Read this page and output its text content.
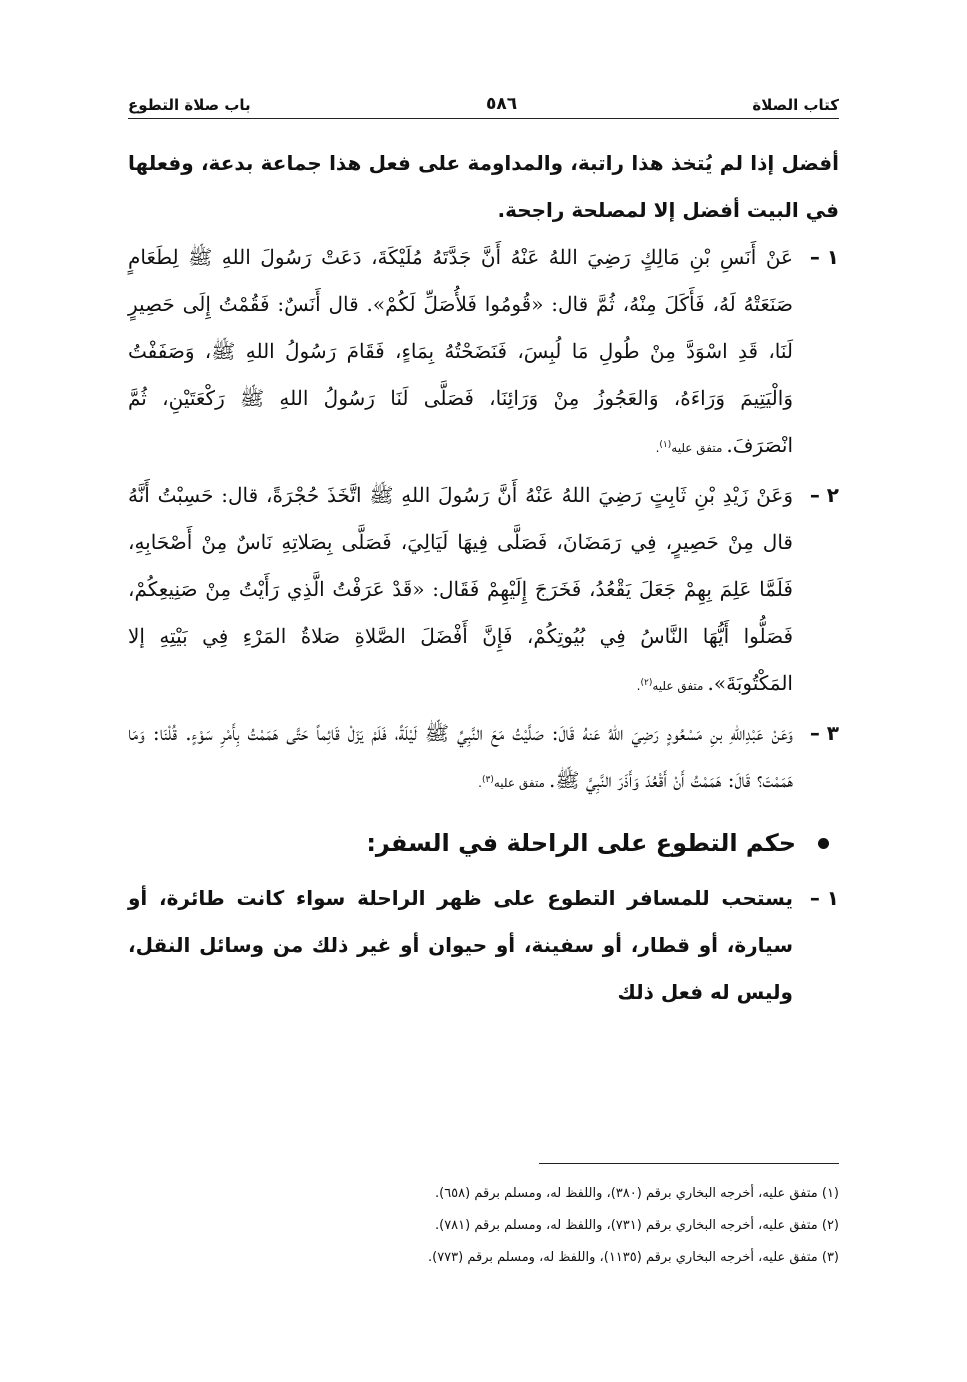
كتاب الصلاة
٥٨٦
باب صلاة التطوع

أفضل إذا لم يُتخذ هذا راتبة، والمداومة على فعل هذا جماعة بدعة، وفعلها في البيت أفضل إلا لمصلحة راجحة.

١ –
عَنْ أَنَسِ بْنِ مَالِكٍ رَضِيَ اللهُ عَنْهُ أَنَّ جَدَّتَهُ مُلَيْكَةَ، دَعَتْ رَسُولَ اللهِ ﷺ لِطَعَامٍ صَنَعَتْهُ لَهُ، فَأَكَلَ مِنْهُ، ثُمَّ قال: «قُومُوا فَلأُصَلِّ لَكُمْ». قال أَنَسٌ: فَقُمْتُ إِلَى حَصِيرٍ لَنَا، قَدِ اسْوَدَّ مِنْ طُولِ مَا لُبِسَ، فَنَضَحْتُهُ بِمَاءٍ، فَقَامَ رَسُولُ اللهِ ﷺ، وَصَفَفْتُ وَالْيَتِيمَ وَرَاءَهُ، وَالعَجُوزُ مِنْ وَرَائِنَا، فَصَلَّى لَنَا رَسُولُ اللهِ ﷺ رَكْعَتَيْنِ، ثُمَّ انْصَرَفَ.متفق عليه$^{(١)}$.
٢ –
وَعَنْ زَيْدِ بْنِ ثَابِتٍ رَضِيَ اللهُ عَنْهُ أَنَّ رَسُولَ اللهِ ﷺ اتَّخَذَ حُجْرَةً، قال: حَسِبْتُ أَنَّهُ قال مِنْ حَصِيرٍ، فِي رَمَضَانَ، فَصَلَّى فِيهَا لَيَالِيَ، فَصَلَّى بِصَلاتِهِ نَاسٌ مِنْ أَصْحَابِهِ، فَلَمَّا عَلِمَ بِهِمْ جَعَلَ يَقْعُدُ، فَخَرَجَ إِلَيْهِمْ فَقَال: «قَدْ عَرَفْتُ الَّذِي رَأَيْتُ مِنْ صَنِيعِكُمْ، فَصَلُّوا أَيُّهَا النَّاسُ فِي بُيُوتِكُمْ، فَإِنَّ أَفْضَلَ الصَّلاةِ صَلاةُ المَرْءِ فِي بَيْتِهِ إلا المَكْتُوبَةَ».متفق عليه$^{(٢)}$.
٣ –
وَعَنْ عَبْدِاللهِ بنِ مَسْعُودٍ رَضِيَ اللهُ عَنهُ قَالَ: صَلَّيْتُ مَعَ النَّبِيِّ ﷺ لَيْلَةً، فَلَمْ يَزَلْ قَائِماً حَتَّى هَمَمْتُ بِأَمْرِ سَوْءٍ. قُلْنَا: وَمَا هَمَمْتَ؟ قَالَ: هَمَمْتُ أَنْ أَقْعُدَ وَأَذَرَ النَّبِيَّ ﷺ.متفق عليه$^{(٣)}$.
حكم التطوع على الراحلة في السفر:
١ –
يستحب للمسافر التطوع على ظهر الراحلة سواء كانت طائرة، أو سيارة، أو قطار، أو سفينة، أو حيوان أو غير ذلك من وسائل النقل، وليس له فعل ذلك

(١) متفق عليه، أخرجه البخاري برقم (٣٨٠)، واللفظ له، ومسلم برقم (٦٥٨).

(٢) متفق عليه، أخرجه البخاري برقم (٧٣١)، واللفظ له، ومسلم برقم (٧٨١).

(٣) متفق عليه، أخرجه البخاري برقم (١١٣٥)، واللفظ له، ومسلم برقم (٧٧٣).
